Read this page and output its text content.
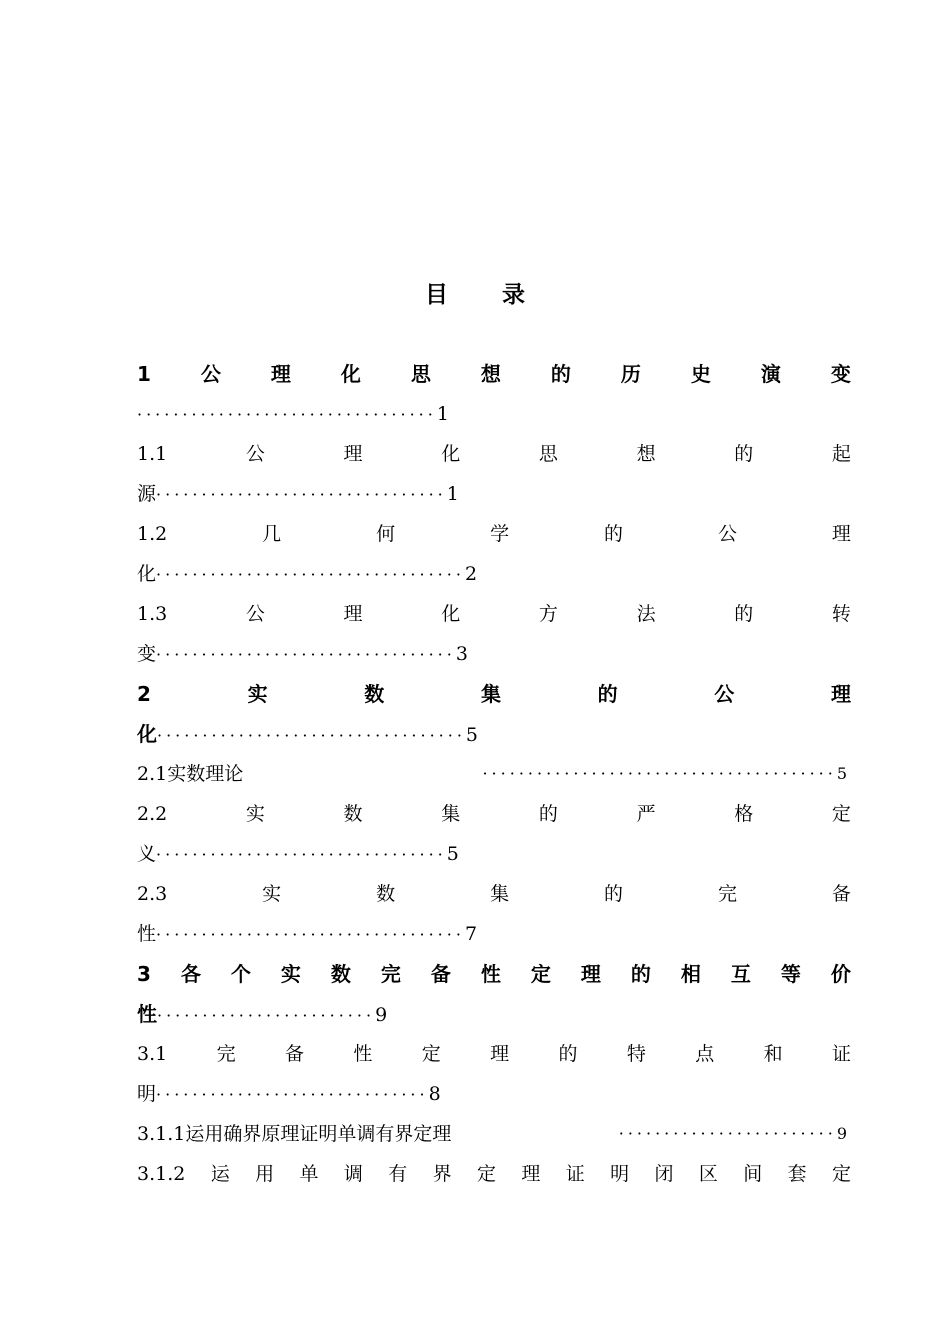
目 录
1	公	理	化	思	想	的	历	史	演	变
·································1
1.1	公	理	化	思	想	的	起
源································1
1.2	几	何	学	的	公	理
化··································2
1.3	公	理	化	方	法	的	转
变·································3
2	实	数	集	的	公	理
化··································5
2.1实数理论	·······································5
2.2	实	数	集	的	严	格	定
义································5
2.3	实	数	集	的	完	备
性··································7
3 各 个 实 数 完 备 性 定 理 的 相 互 等 价
性························9
3.1	完	备	性	定	理	的	特	点	和	证
明······························8
3.1.1运用确界原理证明单调有界定理	························9
3.1.2 运 用 单 调 有 界 定 理 证 明 闭 区 间 套 定
